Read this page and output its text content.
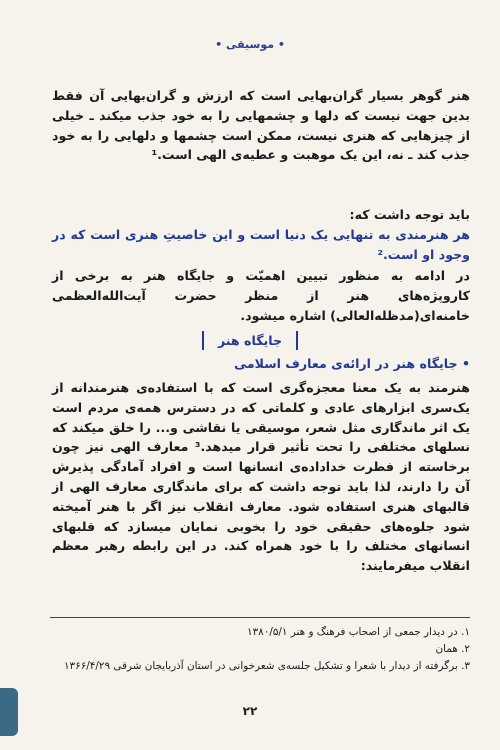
• موسیقی •

هنر گوهر بسیار گران‌بهایی است که ارزش و گران‌بهایی آن فقط بدین جهت نیست که دلها و چشمهایی را به خود جذب میکند ـ خیلی از چیزهایی که هنری نیست، ممکن است چشمها و دلهایی را به خود جذب کند ـ نه، این یک موهبت و عطیه‌ی الهی است.¹

باید توجه داشت که:

هر هنرمندی به تنهایی یک دنیا است و این خاصیتِ هنری است که در وجود او است.²

در ادامه به منظور تبیین اهمیّت و جایگاه هنر به برخی از کاروپژه‌های هنر از منظر حضرت آیت‌الله‌العظمی خامنه‌ای(مدظله‌العالی) اشاره میشود.

جایگاه هنر
• جایگاه هنر در ارائه‌ی معارف اسلامی

هنرمند به یک معنا معجزه‌گری است که با استفاده‌ی هنرمندانه از یک‌سری ابزارهای عادی و کلماتی که در دسترس همه‌ی مردم است یک اثر ماندگاری مثل شعر، موسیقی یا نقاشی و... را خلق میکند که نسلهای مختلفی را تحت تأثیر قرار میدهد.³ معارف الهی نیز چون برخاسته از فطرت خداداده‌ی انسانها است و افراد آمادگی پذیرش آن را دارند، لذا باید توجه داشت که برای ماندگاری معارف الهی از قالبهای هنری استفاده شود. معارف انقلاب نیز اگر با هنر آمیخته شود جلوه‌های حقیقی خود را بخوبی نمایان میسازد که قلبهای انسانهای مختلف را با خود همراه کند. در این رابطه رهبر معظم انقلاب میفرمایند:

۱. در دیدار جمعی از اصحاب فرهنگ و هنر ۱۳۸۰/۵/۱

۲. همان

۳. برگرفته از دیدار با شعرا و تشکیل جلسه‌ی شعرخوانی در استان آذربایجان شرقی ۱۳۶۶/۴/۲۹

۲۲
